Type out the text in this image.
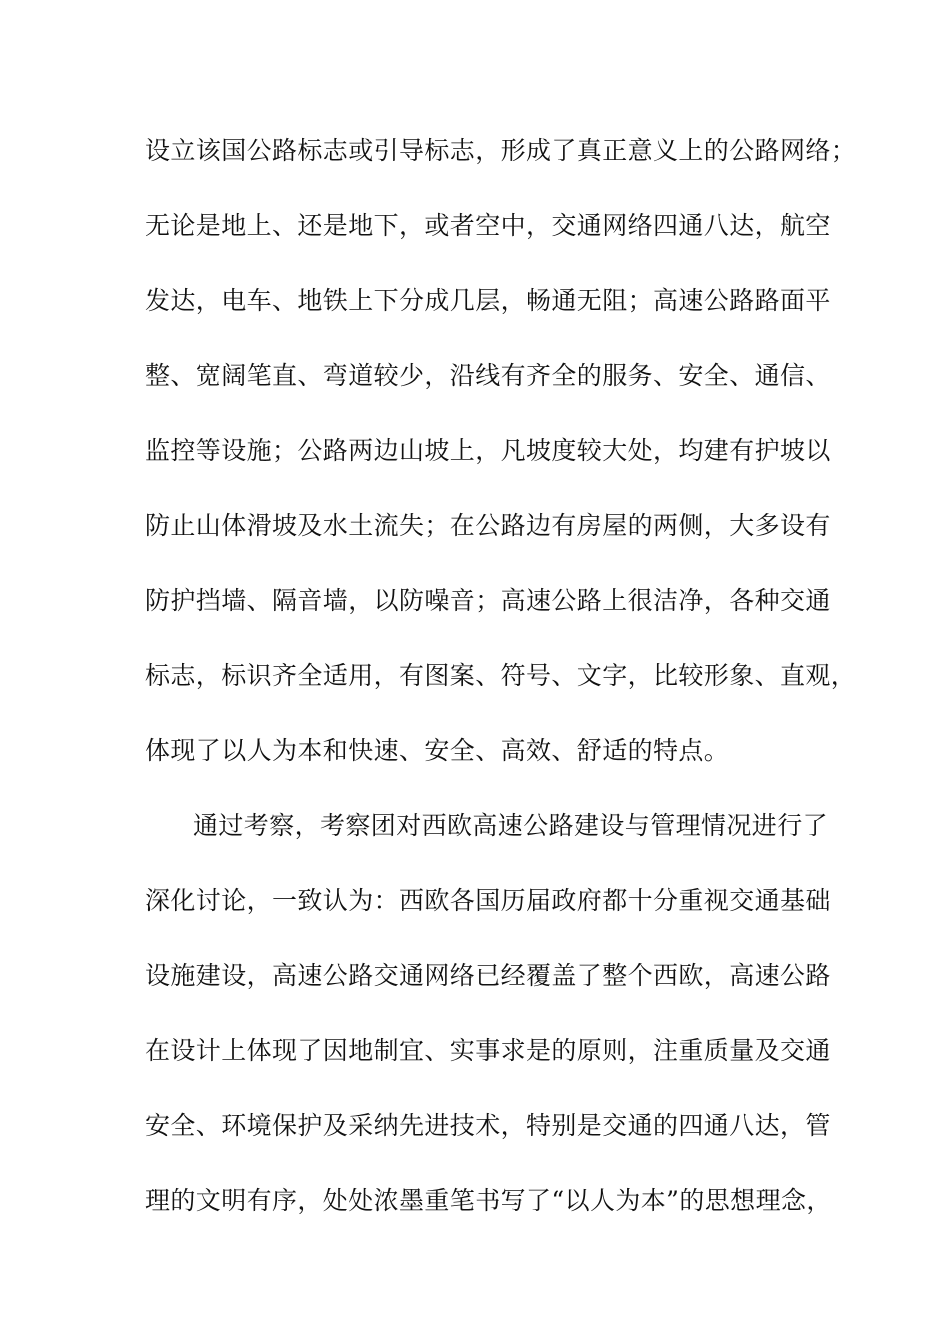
设立该国公路标志或引导标志，形成了真正意义上的公路网络；
无论是地上、还是地下，或者空中，交通网络四通八达，航空
发达，电车、地铁上下分成几层，畅通无阻；高速公路路面平
整、宽阔笔直、弯道较少，沿线有齐全的服务、安全、通信、
监控等设施；公路两边山坡上，凡坡度较大处，均建有护坡以
防止山体滑坡及水土流失；在公路边有房屋的两侧，大多设有
防护挡墙、隔音墙，以防噪音；高速公路上很洁净，各种交通
标志，标识齐全适用，有图案、符号、文字，比较形象、直观，
体现了以人为本和快速、安全、高效、舒适的特点。
通过考察，考察团对西欧高速公路建设与管理情况进行了
深化讨论，一致认为：西欧各国历届政府都十分重视交通基础
设施建设，高速公路交通网络已经覆盖了整个西欧，高速公路
在设计上体现了因地制宜、实事求是的原则，注重质量及交通
安全、环境保护及采纳先进技术，特别是交通的四通八达，管
理的文明有序，处处浓墨重笔书写了“以人为本”的思想理念，
